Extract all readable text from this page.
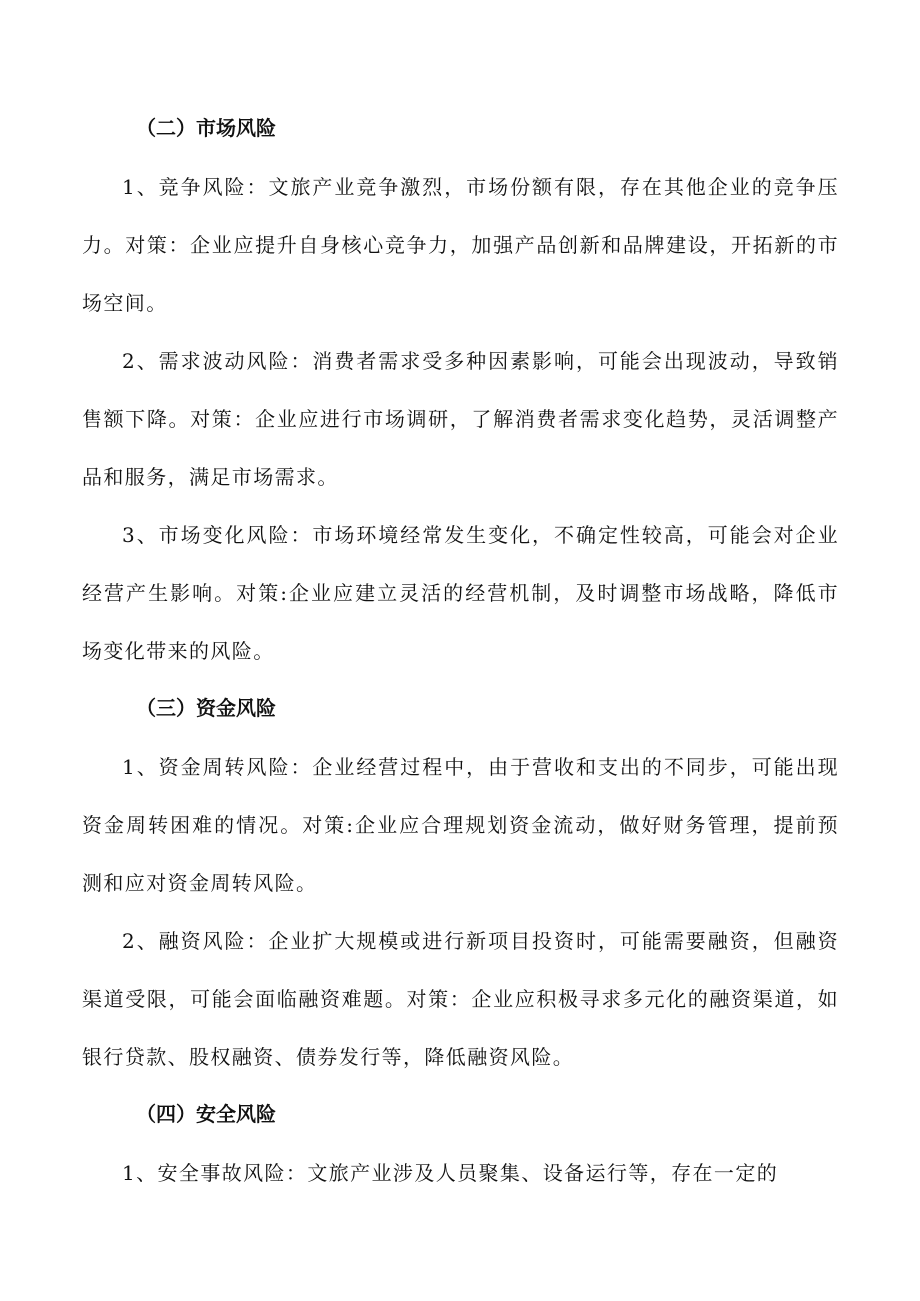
（二）市场风险

1、竞争风险：文旅产业竞争激烈，市场份额有限，存在其他企业的竞争压力。对策：企业应提升自身核心竞争力，加强产品创新和品牌建设，开拓新的市场空间。

2、需求波动风险：消费者需求受多种因素影响，可能会出现波动，导致销售额下降。对策：企业应进行市场调研，了解消费者需求变化趋势，灵活调整产品和服务，满足市场需求。

3、市场变化风险：市场环境经常发生变化，不确定性较高，可能会对企业经营产生影响。对策:企业应建立灵活的经营机制，及时调整市场战略，降低市场变化带来的风险。

（三）资金风险

1、资金周转风险：企业经营过程中，由于营收和支出的不同步，可能出现资金周转困难的情况。对策:企业应合理规划资金流动，做好财务管理，提前预测和应对资金周转风险。

2、融资风险：企业扩大规模或进行新项目投资时，可能需要融资，但融资渠道受限，可能会面临融资难题。对策：企业应积极寻求多元化的融资渠道，如银行贷款、股权融资、债券发行等，降低融资风险。

（四）安全风险

1、安全事故风险：文旅产业涉及人员聚集、设备运行等，存在一定的
